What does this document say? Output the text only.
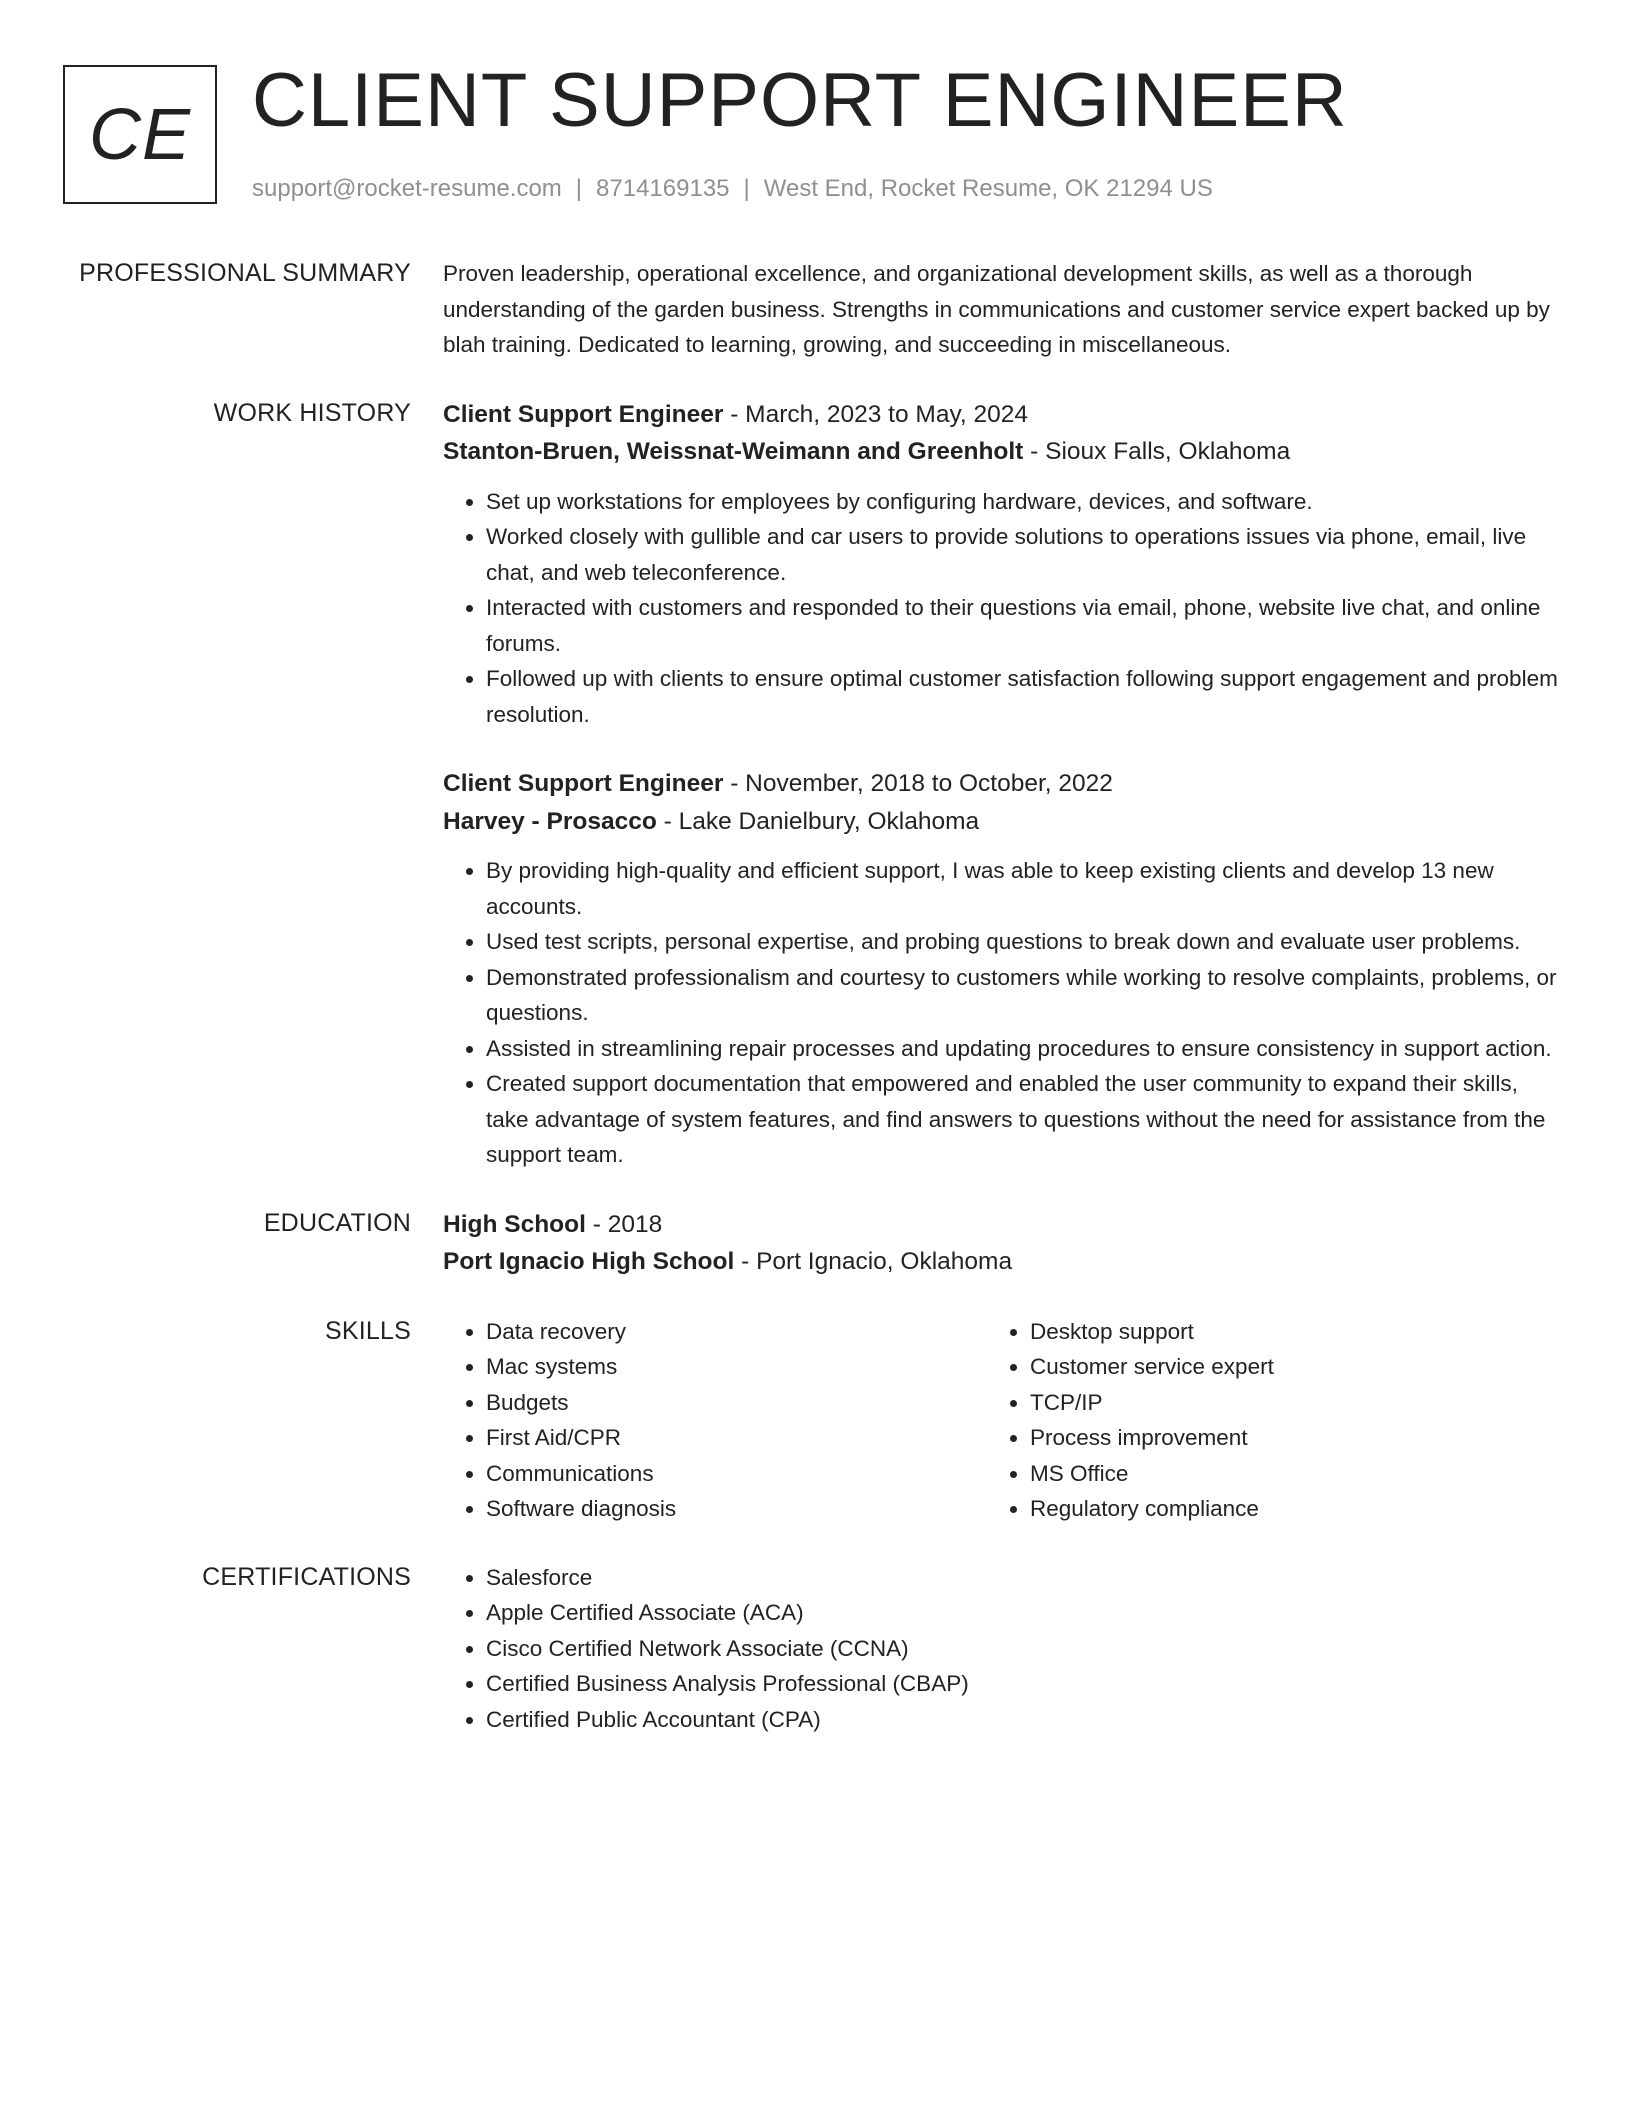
CE CLIENT SUPPORT ENGINEER
support@rocket-resume.com | 8714169135 | West End, Rocket Resume, OK 21294 US
PROFESSIONAL SUMMARY Proven leadership, operational excellence, and organizational development skills, as well as a thorough understanding of the garden business. Strengths in communications and customer service expert backed up by blah training. Dedicated to learning, growing, and succeeding in miscellaneous.

WORK HISTORY Client Support Engineer - March, 2023 to May, 2024
Stanton-Bruen, Weissnat-Weimann and Greenholt - Sioux Falls, Oklahoma
• Set up workstations for employees by configuring hardware, devices, and software.
• Worked closely with gullible and car users to provide solutions to operations issues via phone, email, live chat, and web teleconference.
• Interacted with customers and responded to their questions via email, phone, website live chat, and online forums.
• Followed up with clients to ensure optimal customer satisfaction following support engagement and problem resolution.
Client Support Engineer - November, 2018 to October, 2022
Harvey - Prosacco - Lake Danielbury, Oklahoma
• By providing high-quality and efficient support, I was able to keep existing clients and develop 13 new accounts.
• Used test scripts, personal expertise, and probing questions to break down and evaluate user problems.
• Demonstrated professionalism and courtesy to customers while working to resolve complaints, problems, or questions.
• Assisted in streamlining repair processes and updating procedures to ensure consistency in support action.
• Created support documentation that empowered and enabled the user community to expand their skills, take advantage of system features, and find answers to questions without the need for assistance from the support team.
EDUCATION High School - 2018
Port Ignacio High School - Port Ignacio, Oklahoma
SKILLS	• Data recovery
• Mac systems
• Budgets
• First Aid/CPR
• Communications
• Software diagnosis
• Desktop support
• Customer service expert
• TCP/IP
• Process improvement
• MS Office
• Regulatory compliance
CERTIFICATIONS	• Salesforce
• Apple Certified Associate (ACA)
• Cisco Certified Network Associate (CCNA)
• Certified Business Analysis Professional (CBAP)
• Certified Public Accountant (CPA)
